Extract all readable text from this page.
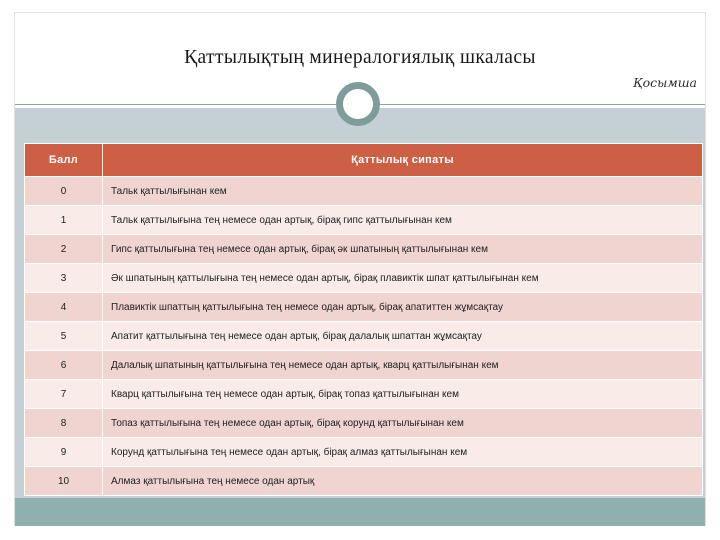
Қаттылықтың минералогиялық шкаласы
Қосымша
Балл	Қаттылық сипаты
0	Тальк қаттылығынан кем
1	Тальк қаттылығына тең немесе одан артық, бірақ гипс қаттылығынан кем
2	Гипс қаттылығына тең немесе одан артық, бірақ әк шпатының қаттылығынан кем
3	Әк шпатының қаттылығына тең немесе одан артық, бірақ плавиктік шпат қаттылығынан кем
4	Плавиктік шпаттың қаттылығына тең немесе одан артық, бірақ апатиттен жұмсақтау
5	Апатит қаттылығына тең немесе одан артық, бірақ далалық шпаттан жұмсақтау
6	Далалық шпатының қаттылығына тең немесе одан артық, кварц қаттылығынан кем
7	Кварц қаттылығына тең немесе одан артық, бірақ топаз қаттылығынан кем
8	Топаз қаттылығына тең немесе одан артық, бірақ корунд қаттылығынан кем
9	Корунд қаттылығына тең немесе одан артық, бірақ алмаз қаттылығынан кем
10	Алмаз қаттылығына тең немесе одан артық
